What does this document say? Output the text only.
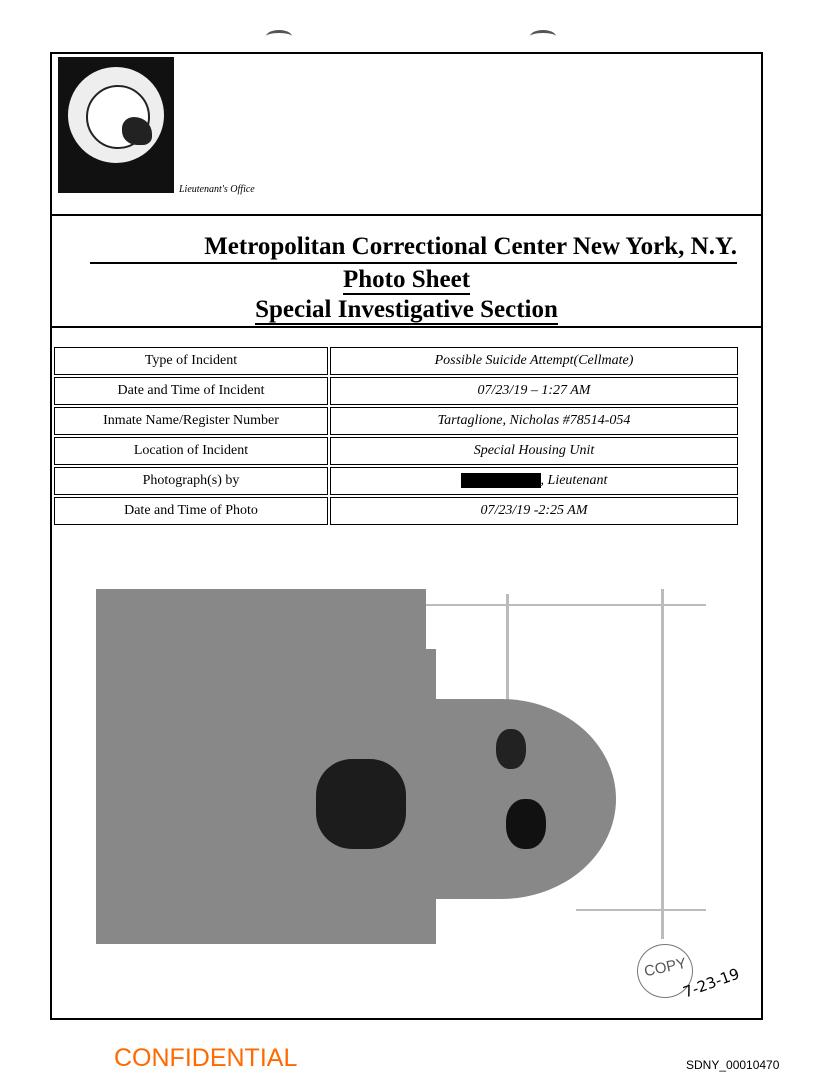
Lieutenant's Office
Metropolitan Correctional Center New York, N.Y.
Photo Sheet
Special Investigative Section
Type of Incident	Possible Suicide Attempt(Cellmate)
Date and Time of Incident	07/23/19 – 1:27 AM
Inmate Name/Register Number	Tartaglione, Nicholas #78514-054
Location of Incident	Special Housing Unit
Photograph(s) by	, Lieutenant
Date and Time of Photo	07/23/19 -2:25 AM
COPY
7-23-19
CONFIDENTIAL	SDNY_00010470
